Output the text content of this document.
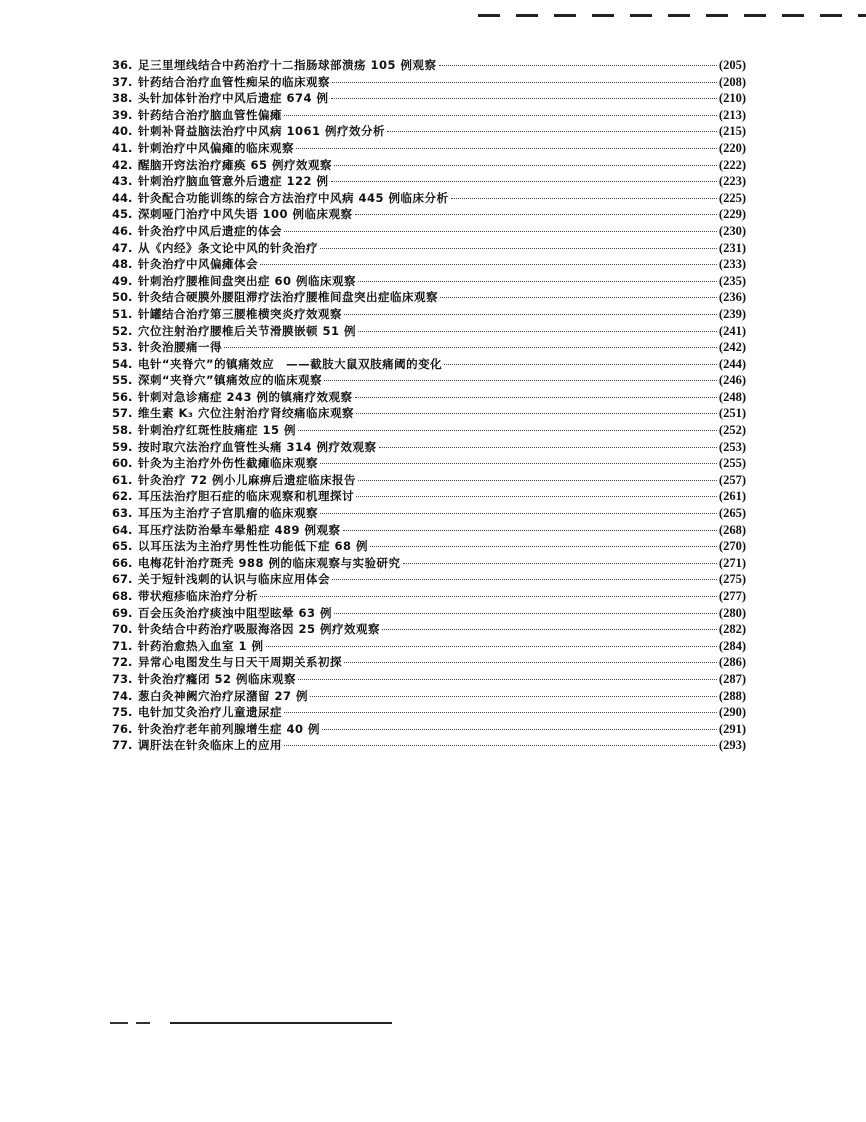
36. 足三里埋线结合中药治疗十二指肠球部溃疡 105 例观察	(205)
37. 针药结合治疗血管性痴呆的临床观察	(208)
38. 头针加体针治疗中风后遗症 674 例	(210)
39. 针药结合治疗脑血管性偏瘫	(213)
40. 针刺补肾益脑法治疗中风病 1061 例疗效分析	(215)
41. 针刺治疗中风偏瘫的临床观察	(220)
42. 醒脑开窍法治疗瘫痪 65 例疗效观察	(222)
43. 针刺治疗脑血管意外后遗症 122 例	(223)
44. 针灸配合功能训练的综合方法治疗中风病 445 例临床分析	(225)
45. 深刺哑门治疗中风失语 100 例临床观察	(229)
46. 针灸治疗中风后遗症的体会	(230)
47. 从《内经》条文论中风的针灸治疗	(231)
48. 针灸治疗中风偏瘫体会	(233)
49. 针刺治疗腰椎间盘突出症 60 例临床观察	(235)
50. 针灸结合硬膜外腰阻滞疗法治疗腰椎间盘突出症临床观察	(236)
51. 针罐结合治疗第三腰椎横突炎疗效观察	(239)
52. 穴位注射治疗腰椎后关节滑膜嵌顿 51 例	(241)
53. 针灸治腰痛一得	(242)
54. 电针“夹脊穴”的镇痛效应　——截肢大鼠双肢痛阈的变化	(244)
55. 深刺“夹脊穴”镇痛效应的临床观察	(246)
56. 针刺对急诊痛症 243 例的镇痛疗效观察	(248)
57. 维生素 K₃ 穴位注射治疗肾绞痛临床观察	(251)
58. 针刺治疗红斑性肢痛症 15 例	(252)
59. 按时取穴法治疗血管性头痛 314 例疗效观察	(253)
60. 针灸为主治疗外伤性截瘫临床观察	(255)
61. 针灸治疗 72 例小儿麻痹后遗症临床报告	(257)
62. 耳压法治疗胆石症的临床观察和机理探讨	(261)
63. 耳压为主治疗子宫肌瘤的临床观察	(265)
64. 耳压疗法防治晕车晕船症 489 例观察	(268)
65. 以耳压法为主治疗男性性功能低下症 68 例	(270)
66. 电梅花针治疗斑秃 988 例的临床观察与实验研究	(271)
67. 关于短针浅刺的认识与临床应用体会	(275)
68. 带状疱疹临床治疗分析	(277)
69. 百会压灸治疗痰浊中阻型眩晕 63 例	(280)
70. 针灸结合中药治疗吸服海洛因 25 例疗效观察	(282)
71. 针药治愈热入血室 1 例	(284)
72. 异常心电图发生与日天干周期关系初探	(286)
73. 针灸治疗癃闭 52 例临床观察	(287)
74. 葱白灸神阙穴治疗尿潴留 27 例	(288)
75. 电针加艾灸治疗儿童遗尿症	(290)
76. 针灸治疗老年前列腺增生症 40 例	(291)
77. 调肝法在针灸临床上的应用	(293)
